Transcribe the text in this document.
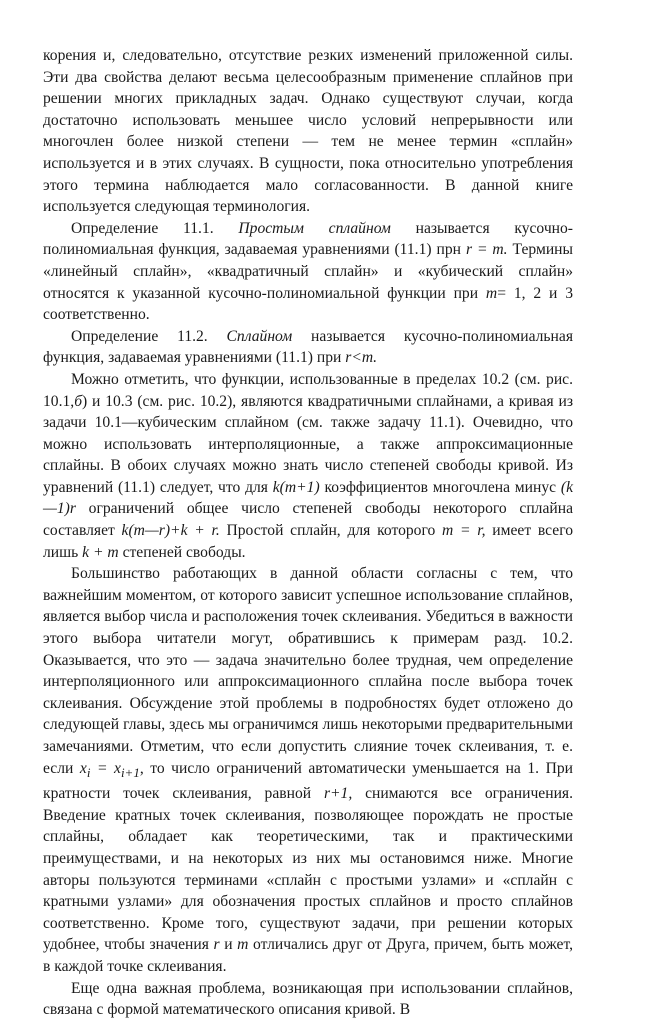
корения и, следовательно, отсутствие резких изменений приложенной силы. Эти два свойства делают весьма целесообразным применение сплайнов при решении многих прикладных задач. Однако существуют случаи, когда достаточно использовать меньшее число условий непрерывности или многочлен более низкой степени — тем не менее термин «сплайн» используется и в этих случаях. В сущности, пока относительно употребления этого термина наблюдается мало согласованности. В данной книге используется следующая терминология.

Определение 11.1. Простым сплайном называется кусочно-полиномиальная функция, задаваемая уравнениями (11.1) прн r = m. Термины «линейный сплайн», «квадратичный сплайн» и «кубический сплайн» относятся к указанной кусочно-полиномиальной функции при m= 1, 2 и 3 соответственно.

Определение 11.2. Сплайном называется кусочно-полиномиальная функция, задаваемая уравнениями (11.1) при r<m.

Можно отметить, что функции, использованные в пределах 10.2 (см. рис. 10.1,б) и 10.3 (см. рис. 10.2), являются квадратичными сплайнами, а кривая из задачи 10.1—кубическим сплайном (см. также задачу 11.1). Очевидно, что можно использовать интерполяционные, а также аппроксимационные сплайны. В обоих случаях можно знать число степеней свободы кривой. Из уравнений (11.1) следует, что для k(m+1) коэффициентов многочлена минус (k—1)r ограничений общее число степеней свободы некоторого сплайна составляет k(m—r)+k + r. Простой сплайн, для которого m = r, имеет всего лишь k + m степеней свободы.

Большинство работающих в данной области согласны с тем, что важнейшим моментом, от которого зависит успешное использование сплайнов, является выбор числа и расположения точек склеивания. Убедиться в важности этого выбора читатели могут, обратившись к примерам разд. 10.2. Оказывается, что это — задача значительно более трудная, чем определение интерполяционного или аппроксимационного сплайна после выбора точек склеивания. Обсуждение этой проблемы в подробностях будет отложено до следующей главы, здесь мы ограничимся лишь некоторыми предварительными замечаниями. Отметим, что если допустить слияние точек склеивания, т. е. если $x_i = x_{i+1}$, то число ограничений автоматически уменьшается на 1. При кратности точек склеивания, равной r+1, снимаются все ограничения. Введение кратных точек склеивания, позволяющее порождать не простые сплайны, обладает как теоретическими, так и практическими преимуществами, и на некоторых из них мы остановимся ниже. Многие авторы пользуются терминами «сплайн с простыми узлами» и «сплайн с кратными узлами» для обозначения простых сплайнов и просто сплайнов соответственно. Кроме того, существуют задачи, при решении которых удобнее, чтобы значения r и m отличались друг от Друга, причем, быть может, в каждой точке склеивания.

Еще одна важная проблема, возникающая при использовании сплайнов, связана с формой математического описания кривой. В
